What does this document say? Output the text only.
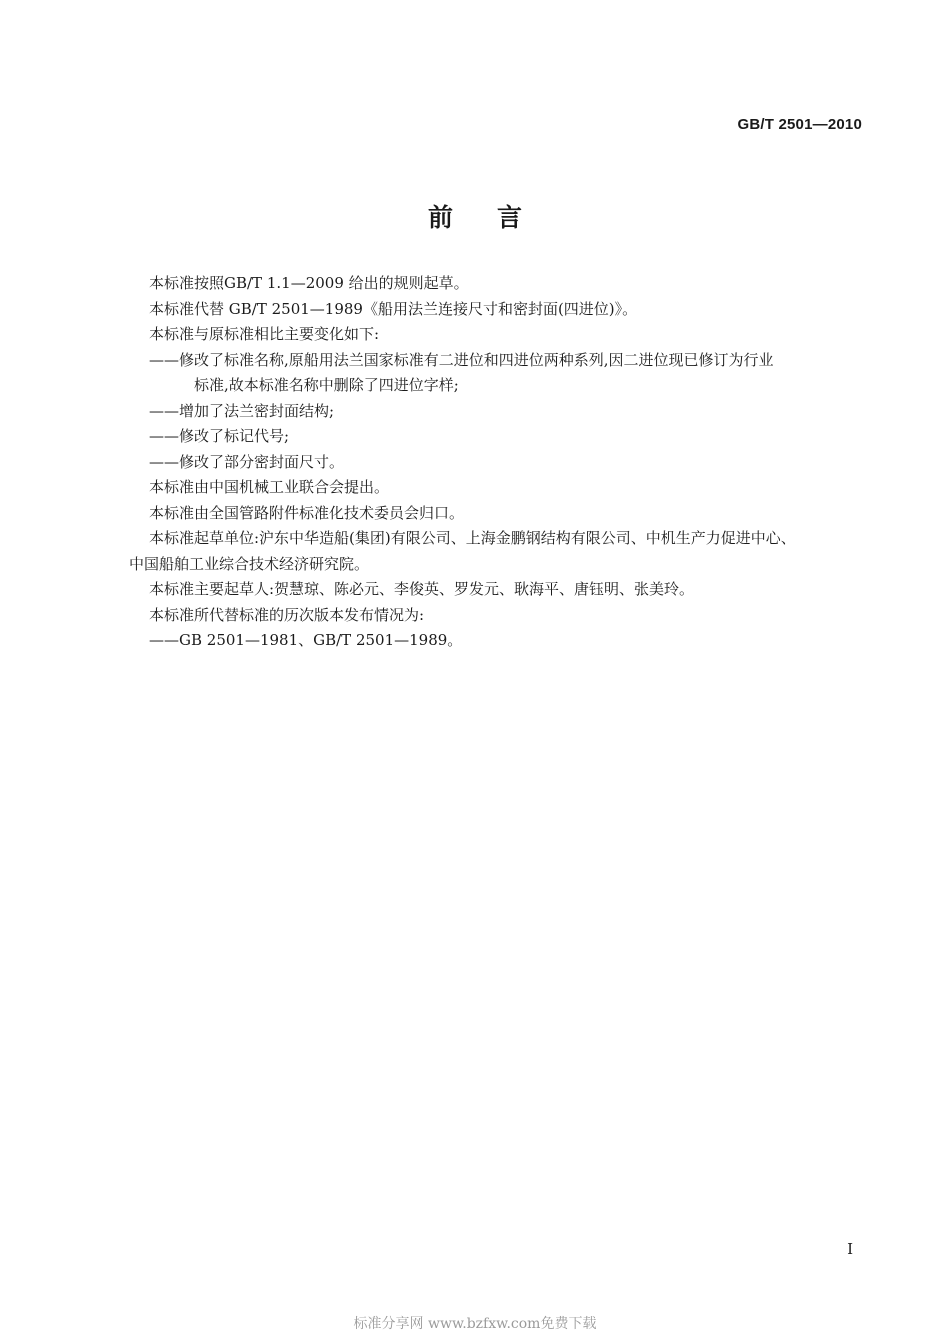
GB/T 2501—2010
前言

本标准按照GB/T 1.1—2009 给出的规则起草。

本标准代替 GB/T 2501—1989《船用法兰连接尺寸和密封面(四进位)》。

本标准与原标准相比主要变化如下:

——修改了标准名称,原船用法兰国家标准有二进位和四进位两种系列,因二进位现已修订为行业

标准,故本标准名称中删除了四进位字样;

——增加了法兰密封面结构;

——修改了标记代号;

——修改了部分密封面尺寸。

本标准由中国机械工业联合会提出。

本标准由全国管路附件标准化技术委员会归口。

本标准起草单位:沪东中华造船(集团)有限公司、上海金鹏钢结构有限公司、中机生产力促进中心、

中国船舶工业综合技术经济研究院。

本标准主要起草人:贺慧琼、陈必元、李俊英、罗发元、耿海平、唐钰明、张美玲。

本标准所代替标准的历次版本发布情况为:

——GB 2501—1981、GB/T 2501—1989。

I
标准分享网 www.bzfxw.com免费下载
